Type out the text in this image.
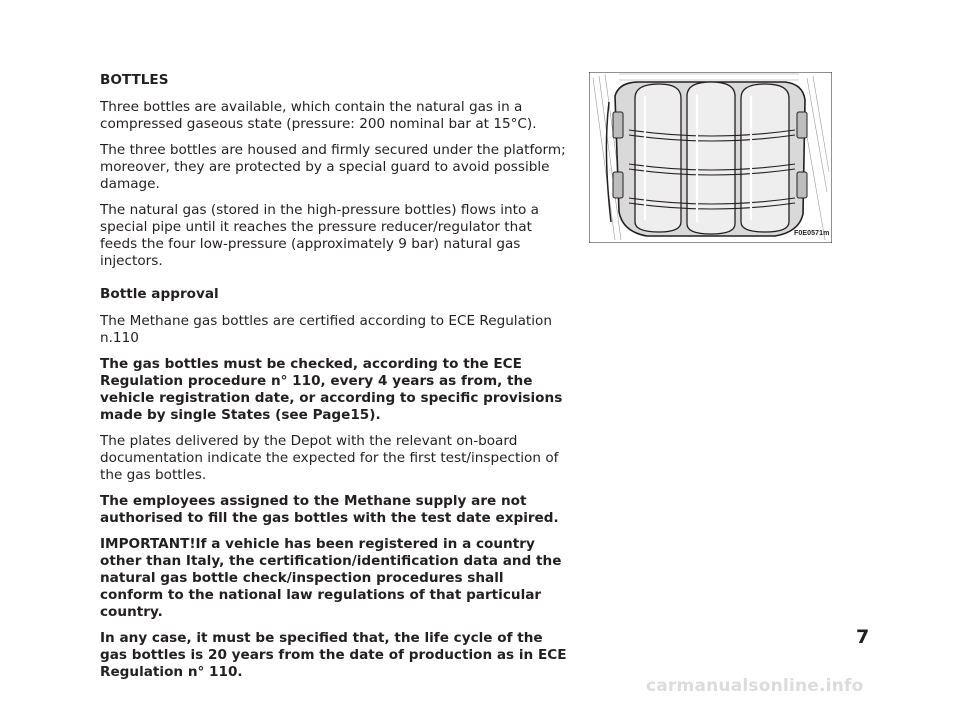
BOTTLES

Three bottles are available, which contain the natural gas in a compressed gaseous state (pressure: 200 nominal bar at 15°C).

The three bottles are housed and firmly secured under the platform; moreover, they are protected by a special guard to avoid possible damage.

The natural gas (stored in the high-pressure bottles) flows into a special pipe until it reaches the pressure reducer/regulator that feeds the four low-pressure (approximately 9 bar) natural gas injectors.

Bottle approval

The Methane gas bottles are certified according to ECE Regulation n.110

The gas bottles must be checked, according to the ECE Regulation procedure n° 110, every 4 years as from, the vehicle registration date, or according to specific provisions made by single States (see Page15).

The plates delivered by the Depot with the relevant on-board documentation indicate the expected for the first test/inspection of the gas bottles.

The employees assigned to the Methane supply are not authorised to fill the gas bottles with the test date expired.

IMPORTANT!If a vehicle has been registered in a country other than Italy, the certification/identification data and the natural gas bottle check/inspection procedures shall conform to the national law regulations of that particular country.

In any case, it must be specified that, the life cycle of the gas bottles is 20 years from the date of production as in ECE Regulation n° 110.

F0E0571m
7
carmanualsonline.info
